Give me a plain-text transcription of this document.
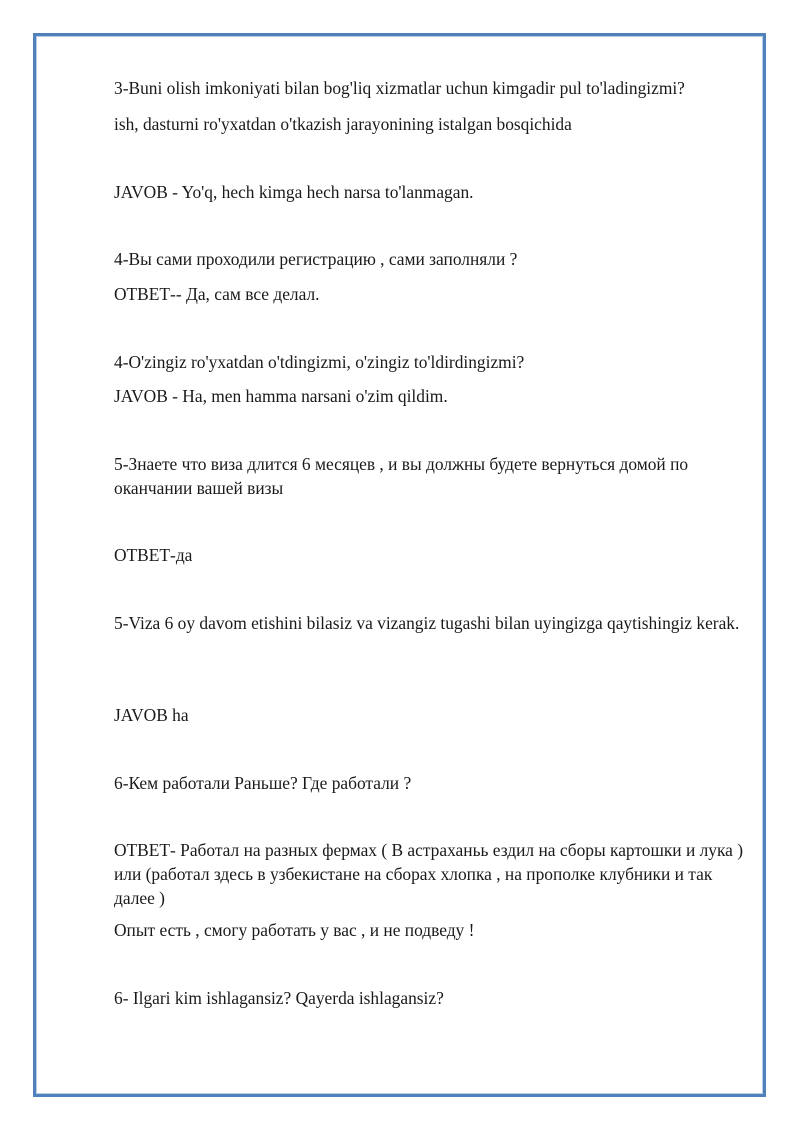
3-Buni olish imkoniyati bilan bog'liq xizmatlar uchun kimgadir pul to'ladingizmi?

ish, dasturni ro'yxatdan o'tkazish jarayonining istalgan bosqichida

JAVOB - Yo'q, hech kimga hech narsa to'lanmagan.

4-Вы сами проходили регистрацию , сами заполняли ?

ОТВЕТ-- Да, сам все делал.

4-O'zingiz ro'yxatdan o'tdingizmi, o'zingiz to'ldirdingizmi?

JAVOB - Ha, men hamma narsani o'zim qildim.

5-Знаете что виза длится 6 месяцев , и вы должны будете вернуться домой по оканчании вашей визы

ОТВЕТ-да

5-Viza 6 oy davom etishini bilasiz va vizangiz tugashi bilan uyingizga qaytishingiz kerak.

JAVOB ha

6-Кем работали Раньше? Где работали ?

ОТВЕТ- Работал на разных фермах ( В астраханьь ездил на сборы картошки и лука ) или (работал здесь в узбекистане на сборах хлопка , на прополке клубники и так далее )

Опыт есть , смогу работать у вас , и не подведу !

6- Ilgari kim ishlagansiz? Qayerda ishlagansiz?
